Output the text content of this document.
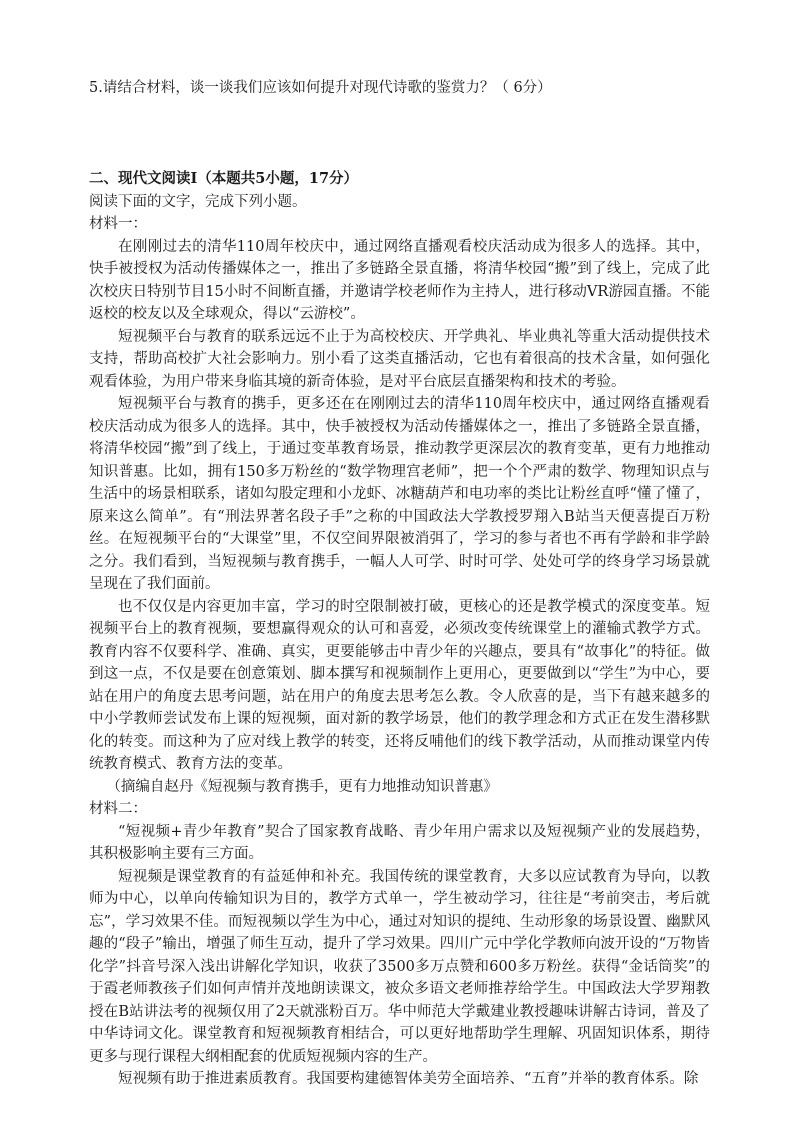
5.请结合材料，谈一谈我们应该如何提升对现代诗歌的鉴赏力？（ 6分）

二、现代文阅读Ⅰ（本题共5小题，17分）

阅读下面的文字，完成下列小题。

材料一：

在刚刚过去的清华110周年校庆中，通过网络直播观看校庆活动成为很多人的选择。其中，快手被授权为活动传播媒体之一，推出了多链路全景直播，将清华校园“搬”到了线上，完成了此次校庆日特别节目15小时不间断直播，并邀请学校老师作为主持人，进行移动VR游园直播。不能返校的校友以及全球观众，得以“云游校”。

短视频平台与教育的联系远远不止于为高校校庆、开学典礼、毕业典礼等重大活动提供技术支持，帮助高校扩大社会影响力。别小看了这类直播活动，它也有着很高的技术含量，如何强化观看体验，为用户带来身临其境的新奇体验，是对平台底层直播架构和技术的考验。

短视频平台与教育的携手，更多还在在刚刚过去的清华110周年校庆中，通过网络直播观看校庆活动成为很多人的选择。其中，快手被授权为活动传播媒体之一，推出了多链路全景直播，将清华校园“搬”到了线上，于通过变革教育场景，推动教学更深层次的教育变革，更有力地推动知识普惠。比如，拥有150多万粉丝的“数学物理宫老师”，把一个个严肃的数学、物理知识点与生活中的场景相联系，诸如勾股定理和小龙虾、冰糖葫芦和电功率的类比让粉丝直呼“懂了懂了，原来这么简单”。有“刑法界著名段子手”之称的中国政法大学教授罗翔入B站当天便喜提百万粉丝。在短视频平台的“大课堂”里，不仅空间界限被消弭了，学习的参与者也不再有学龄和非学龄之分。我们看到，当短视频与教育携手，一幅人人可学、时时可学、处处可学的终身学习场景就呈现在了我们面前。

也不仅仅是内容更加丰富，学习的时空限制被打破，更核心的还是教学模式的深度变革。短视频平台上的教育视频，要想赢得观众的认可和喜爱，必须改变传统课堂上的灌输式教学方式。教育内容不仅要科学、准确、真实，更要能够击中青少年的兴趣点，要具有“故事化”的特征。做到这一点，不仅是要在创意策划、脚本撰写和视频制作上更用心，更要做到以“学生”为中心，要站在用户的角度去思考问题，站在用户的角度去思考怎么教。令人欣喜的是，当下有越来越多的中小学教师尝试发布上课的短视频，面对新的教学场景，他们的教学理念和方式正在发生潜移默化的转变。而这种为了应对线上教学的转变，还将反哺他们的线下教学活动，从而推动课堂内传统教育模式、教育方法的变革。

（摘编自赵丹《短视频与教育携手，更有力地推动知识普惠》

材料二：

“短视频+青少年教育”契合了国家教育战略、青少年用户需求以及短视频产业的发展趋势，其积极影响主要有三方面。

短视频是课堂教育的有益延伸和补充。我国传统的课堂教育，大多以应试教育为导向，以教师为中心，以单向传输知识为目的，教学方式单一，学生被动学习，往往是“考前突击，考后就忘”，学习效果不佳。而短视频以学生为中心，通过对知识的提纯、生动形象的场景设置、幽默风趣的“段子”输出，增强了师生互动，提升了学习效果。四川广元中学化学教师向波开设的“万物皆化学”抖音号深入浅出讲解化学知识，收获了3500多万点赞和600多万粉丝。获得“金话筒奖”的于霞老师教孩子们如何声情并茂地朗读课文，被众多语文老师推荐给学生。中国政法大学罗翔教授在B站讲法考的视频仅用了2天就涨粉百万。华中师范大学戴建业教授趣味讲解古诗词，普及了中华诗词文化。课堂教育和短视频教育相结合，可以更好地帮助学生理解、巩固知识体系，期待更多与现行课程大纲相配套的优质短视频内容的生产。

短视频有助于推进素质教育。我国要构建德智体美劳全面培养、“五育”并举的教育体系。除
